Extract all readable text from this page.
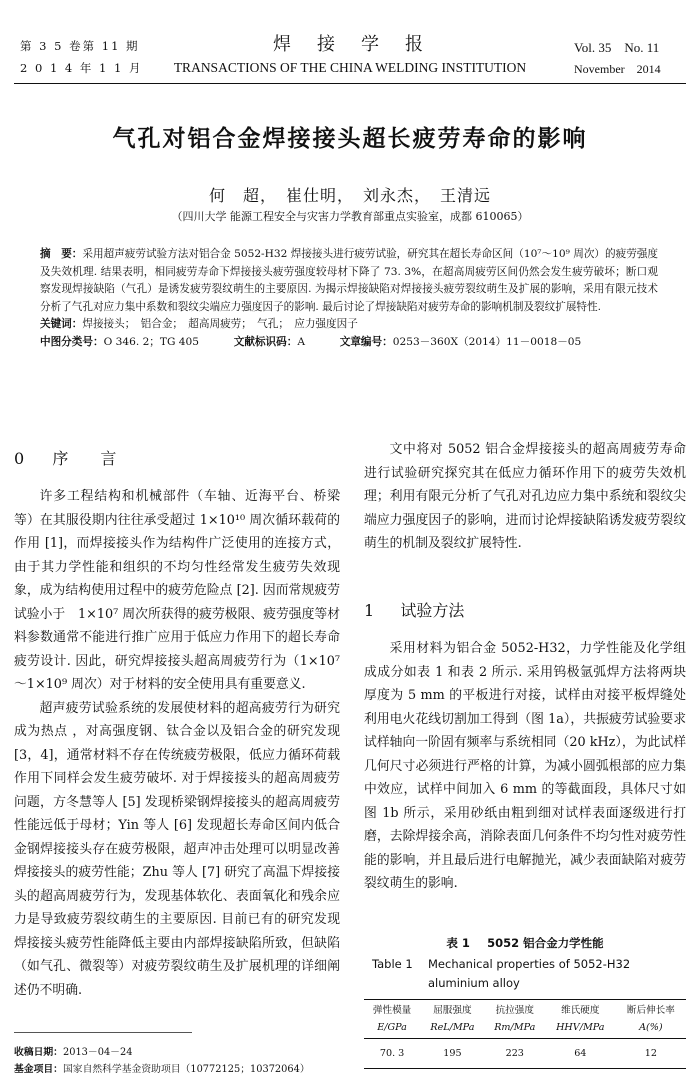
第 3 5 卷第 11 期
2 0 1 4 年 1 1 月
焊　接　学　报
TRANSACTIONS OF THE CHINA WELDING INSTITUTION
Vol. 35　No. 11
November　2014
气孔对铝合金焊接接头超长疲劳寿命的影响
何　超，　崔仕明，　刘永杰，　王清远
（四川大学 能源工程安全与灾害力学教育部重点实验室，成都 610065）
摘　要：采用超声疲劳试验方法对铝合金 5052-H32 焊接接头进行疲劳试验，研究其在超长寿命区间（10⁷～10⁹ 周次）的疲劳强度及失效机理. 结果表明，相同疲劳寿命下焊接接头疲劳强度较母材下降了 73. 3%，在超高周疲劳区间仍然会发生疲劳破坏；断口观察发现焊接缺陷（气孔）是诱发疲劳裂纹萌生的主要原因. 为揭示焊接缺陷对焊接接头疲劳裂纹萌生及扩展的影响，采用有限元技术分析了气孔对应力集中系数和裂纹尖端应力强度因子的影响. 最后讨论了焊接缺陷对疲劳寿命的影响机制及裂纹扩展特性.
关键词：焊接接头；　铝合金；　超高周疲劳；　气孔；　应力强度因子
中图分类号：O 346. 2；TG 405	文献标识码：A	文章编号：0253－360X（2014）11－0018－05
0 序　　言

许多工程结构和机械部件（车轴、近海平台、桥梁等）在其服役期内往往承受超过 1×10¹⁰ 周次循环载荷的作用 [1]，而焊接接头作为结构件广泛使用的连接方式，由于其力学性能和组织的不均匀性经常发生疲劳失效现象，成为结构使用过程中的疲劳危险点 [2]. 因而常规疲劳试验小于　1×10⁷ 周次所获得的疲劳极限、疲劳强度等材料参数通常不能进行推广应用于低应力作用下的超长寿命疲劳设计. 因此，研究焊接接头超高周疲劳行为（1×10⁷～1×10⁹ 周次）对于材料的安全使用具有重要意义.

超声疲劳试验系统的发展使材料的超高疲劳行为研究成为热点 ，对高强度钢、钛合金以及铝合金的研究发现 [3，4]，通常材料不存在传统疲劳极限，低应力循环荷载作用下同样会发生疲劳破坏. 对于焊接接头的超高周疲劳问题，方冬慧等人 [5] 发现桥梁钢焊接接头的超高周疲劳性能远低于母材；Yin 等人 [6] 发现超长寿命区间内低合金钢焊接接头存在疲劳极限，超声冲击处理可以明显改善焊接接头的疲劳性能；Zhu 等人 [7] 研究了高温下焊接接头的超高周疲劳行为，发现基体软化、表面氧化和残余应力是导致疲劳裂纹萌生的主要原因. 目前已有的研究发现焊接接头疲劳性能降低主要由内部焊接缺陷所致，但缺陷（如气孔、微裂等）对疲劳裂纹萌生及扩展机理的详细阐述仍不明确.

收稿日期：2013－04－24
基金项目：国家自然科学基金资助项目（10772125；10372064）

文中将对 5052 铝合金焊接接头的超高周疲劳寿命进行试验研究探究其在低应力循环作用下的疲劳失效机理；利用有限元分析了气孔对孔边应力集中系统和裂纹尖端应力强度因子的影响，进而讨论焊接缺陷诱发疲劳裂纹萌生的机制及裂纹扩展特性.

1 试验方法

采用材料为铝合金 5052-H32，力学性能及化学组成成分如表 1 和表 2 所示. 采用钨极氩弧焊方法将两块厚度为 5 mm 的平板进行对接，试样由对接平板焊缝处利用电火花线切割加工得到（图 1a），共振疲劳试验要求试样轴向一阶固有频率与系统相同（20 kHz），为此试样几何尺寸必须进行严格的计算，为减小圆弧根部的应力集中效应，试样中间加入 6 mm 的等截面段，具体尺寸如图 1b 所示，采用砂纸由粗到细对试样表面逐级进行打磨，去除焊接余高，消除表面几何条件不均匀性对疲劳性能的影响，并且最后进行电解抛光，减少表面缺陷对疲劳裂纹萌生的影响.

表 1 5052 铝合金力学性能
Table 1	Mechanical properties of 5052-H32 aluminium alloy
弹性模量	屈服强度	抗拉强度	维氏硬度	断后伸长率
E/GPa	ReL/MPa	Rm/MPa	HHV/MPa	A(%)
70. 3	195	223	64	12
